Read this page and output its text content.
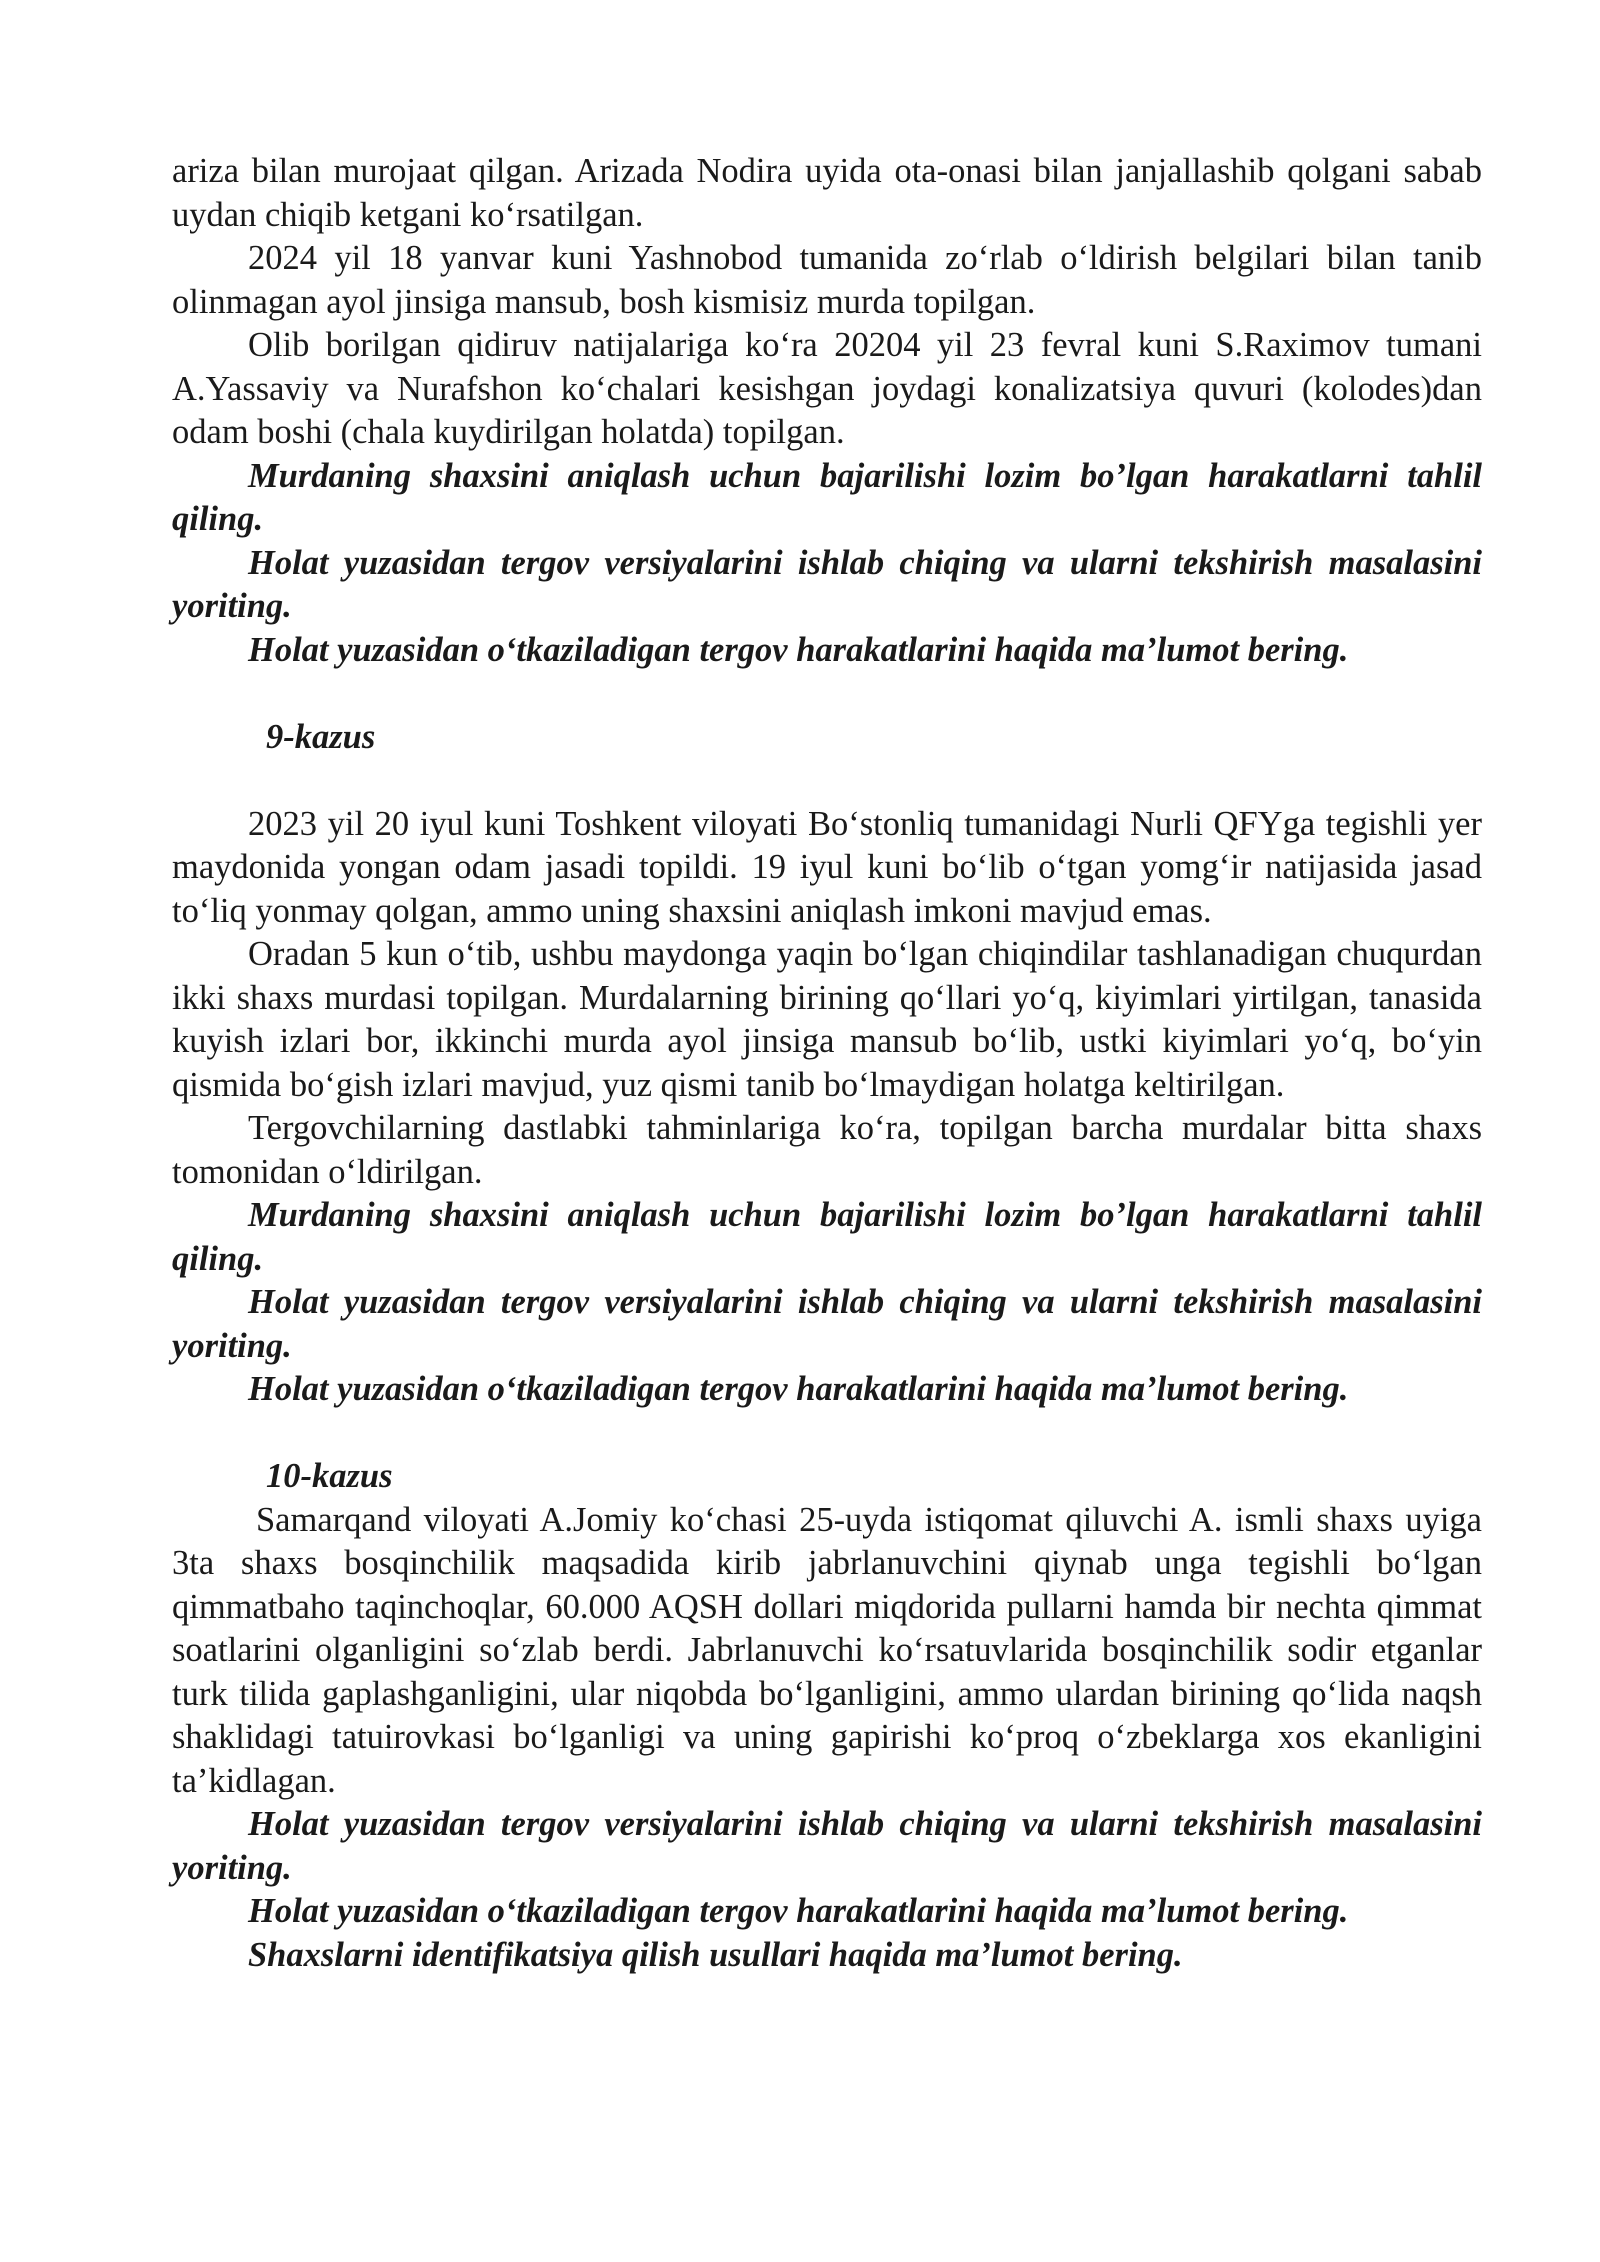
ariza bilan murojaat qilgan. Arizada Nodira uyida ota-onasi bilan janjallashib qolgani sabab uydan chiqib ketgani ko‘rsatilgan.

2024 yil 18 yanvar kuni Yashnobod tumanida zo‘rlab o‘ldirish belgilari bilan tanib olinmagan ayol jinsiga mansub, bosh kismisiz murda topilgan.

Olib borilgan qidiruv natijalariga ko‘ra 20204 yil 23 fevral kuni S.Raximov tumani A.Yassaviy va Nurafshon ko‘chalari kesishgan joydagi konalizatsiya quvuri (kolodes)dan odam boshi (chala kuydirilgan holatda) topilgan.

Murdaning shaxsini aniqlash uchun bajarilishi lozim bo’lgan harakatlarni tahlil qiling.

Holat yuzasidan tergov versiyalarini ishlab chiqing va ularni tekshirish masalasini yoriting.

Holat yuzasidan o‘tkaziladigan tergov harakatlarini haqida ma’lumot bering.

9-kazus

2023 yil 20 iyul kuni Toshkent viloyati Bo‘stonliq tumanidagi Nurli QFYga tegishli yer maydonida yongan odam jasadi topildi. 19 iyul kuni bo‘lib o‘tgan yomg‘ir natijasida jasad to‘liq yonmay qolgan, ammo uning shaxsini aniqlash imkoni mavjud emas.

Oradan 5 kun o‘tib, ushbu maydonga yaqin bo‘lgan chiqindilar tashlanadigan chuqurdan ikki shaxs murdasi topilgan. Murdalarning birining qo‘llari yo‘q, kiyimlari yirtilgan, tanasida kuyish izlari bor, ikkinchi murda ayol jinsiga mansub bo‘lib, ustki kiyimlari yo‘q, bo‘yin qismida bo‘gish izlari mavjud, yuz qismi tanib bo‘lmaydigan holatga keltirilgan.

Tergovchilarning dastlabki tahminlariga ko‘ra, topilgan barcha murdalar bitta shaxs tomonidan o‘ldirilgan.

Murdaning shaxsini aniqlash uchun bajarilishi lozim bo’lgan harakatlarni tahlil qiling.

Holat yuzasidan tergov versiyalarini ishlab chiqing va ularni tekshirish masalasini yoriting.

Holat yuzasidan o‘tkaziladigan tergov harakatlarini haqida ma’lumot bering.

10-kazus

Samarqand viloyati A.Jomiy ko‘chasi 25-uyda istiqomat qiluvchi A. ismli shaxs uyiga 3ta shaxs bosqinchilik maqsadida kirib jabrlanuvchini qiynab unga tegishli bo‘lgan qimmatbaho taqinchoqlar, 60.000 AQSH dollari miqdorida pullarni hamda bir nechta qimmat soatlarini olganligini so‘zlab berdi. Jabrlanuvchi ko‘rsatuvlarida bosqinchilik sodir etganlar turk tilida gaplashganligini, ular niqobda bo‘lganligini, ammo ulardan birining qo‘lida naqsh shaklidagi tatuirovkasi bo‘lganligi va uning gapirishi ko‘proq o‘zbeklarga xos ekanligini ta’kidlagan.

Holat yuzasidan tergov versiyalarini ishlab chiqing va ularni tekshirish masalasini yoriting.

Holat yuzasidan o‘tkaziladigan tergov harakatlarini haqida ma’lumot bering.

Shaxslarni identifikatsiya qilish usullari haqida ma’lumot bering.
